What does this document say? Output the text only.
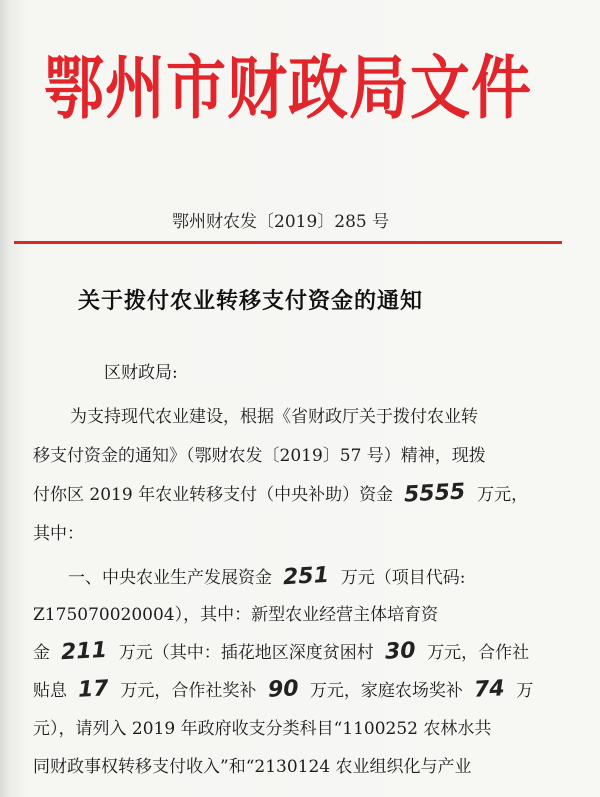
鄂州市财政局文件
鄂州财农发〔2019〕285 号
关于拨付农业转移支付资金的通知
区财政局:
为支持现代农业建设，根据《省财政厅关于拨付农业转
移支付资金的通知》（鄂财农发〔2019〕57 号）精神，现拨
付你区 2019 年农业转移支付（中央补助）资金 5555 万元，
其中：
一、中央农业生产发展资金 251 万元（项目代码:
Z175070020004），其中：新型农业经营主体培育资
金 211 万元（其中：插花地区深度贫困村 30 万元，合作社
贴息 17 万元，合作社奖补 90 万元，家庭农场奖补 74 万
元），请列入 2019 年政府收支分类科目“1100252 农林水共
同财政事权转移支付收入”和“2130124 农业组织化与产业
